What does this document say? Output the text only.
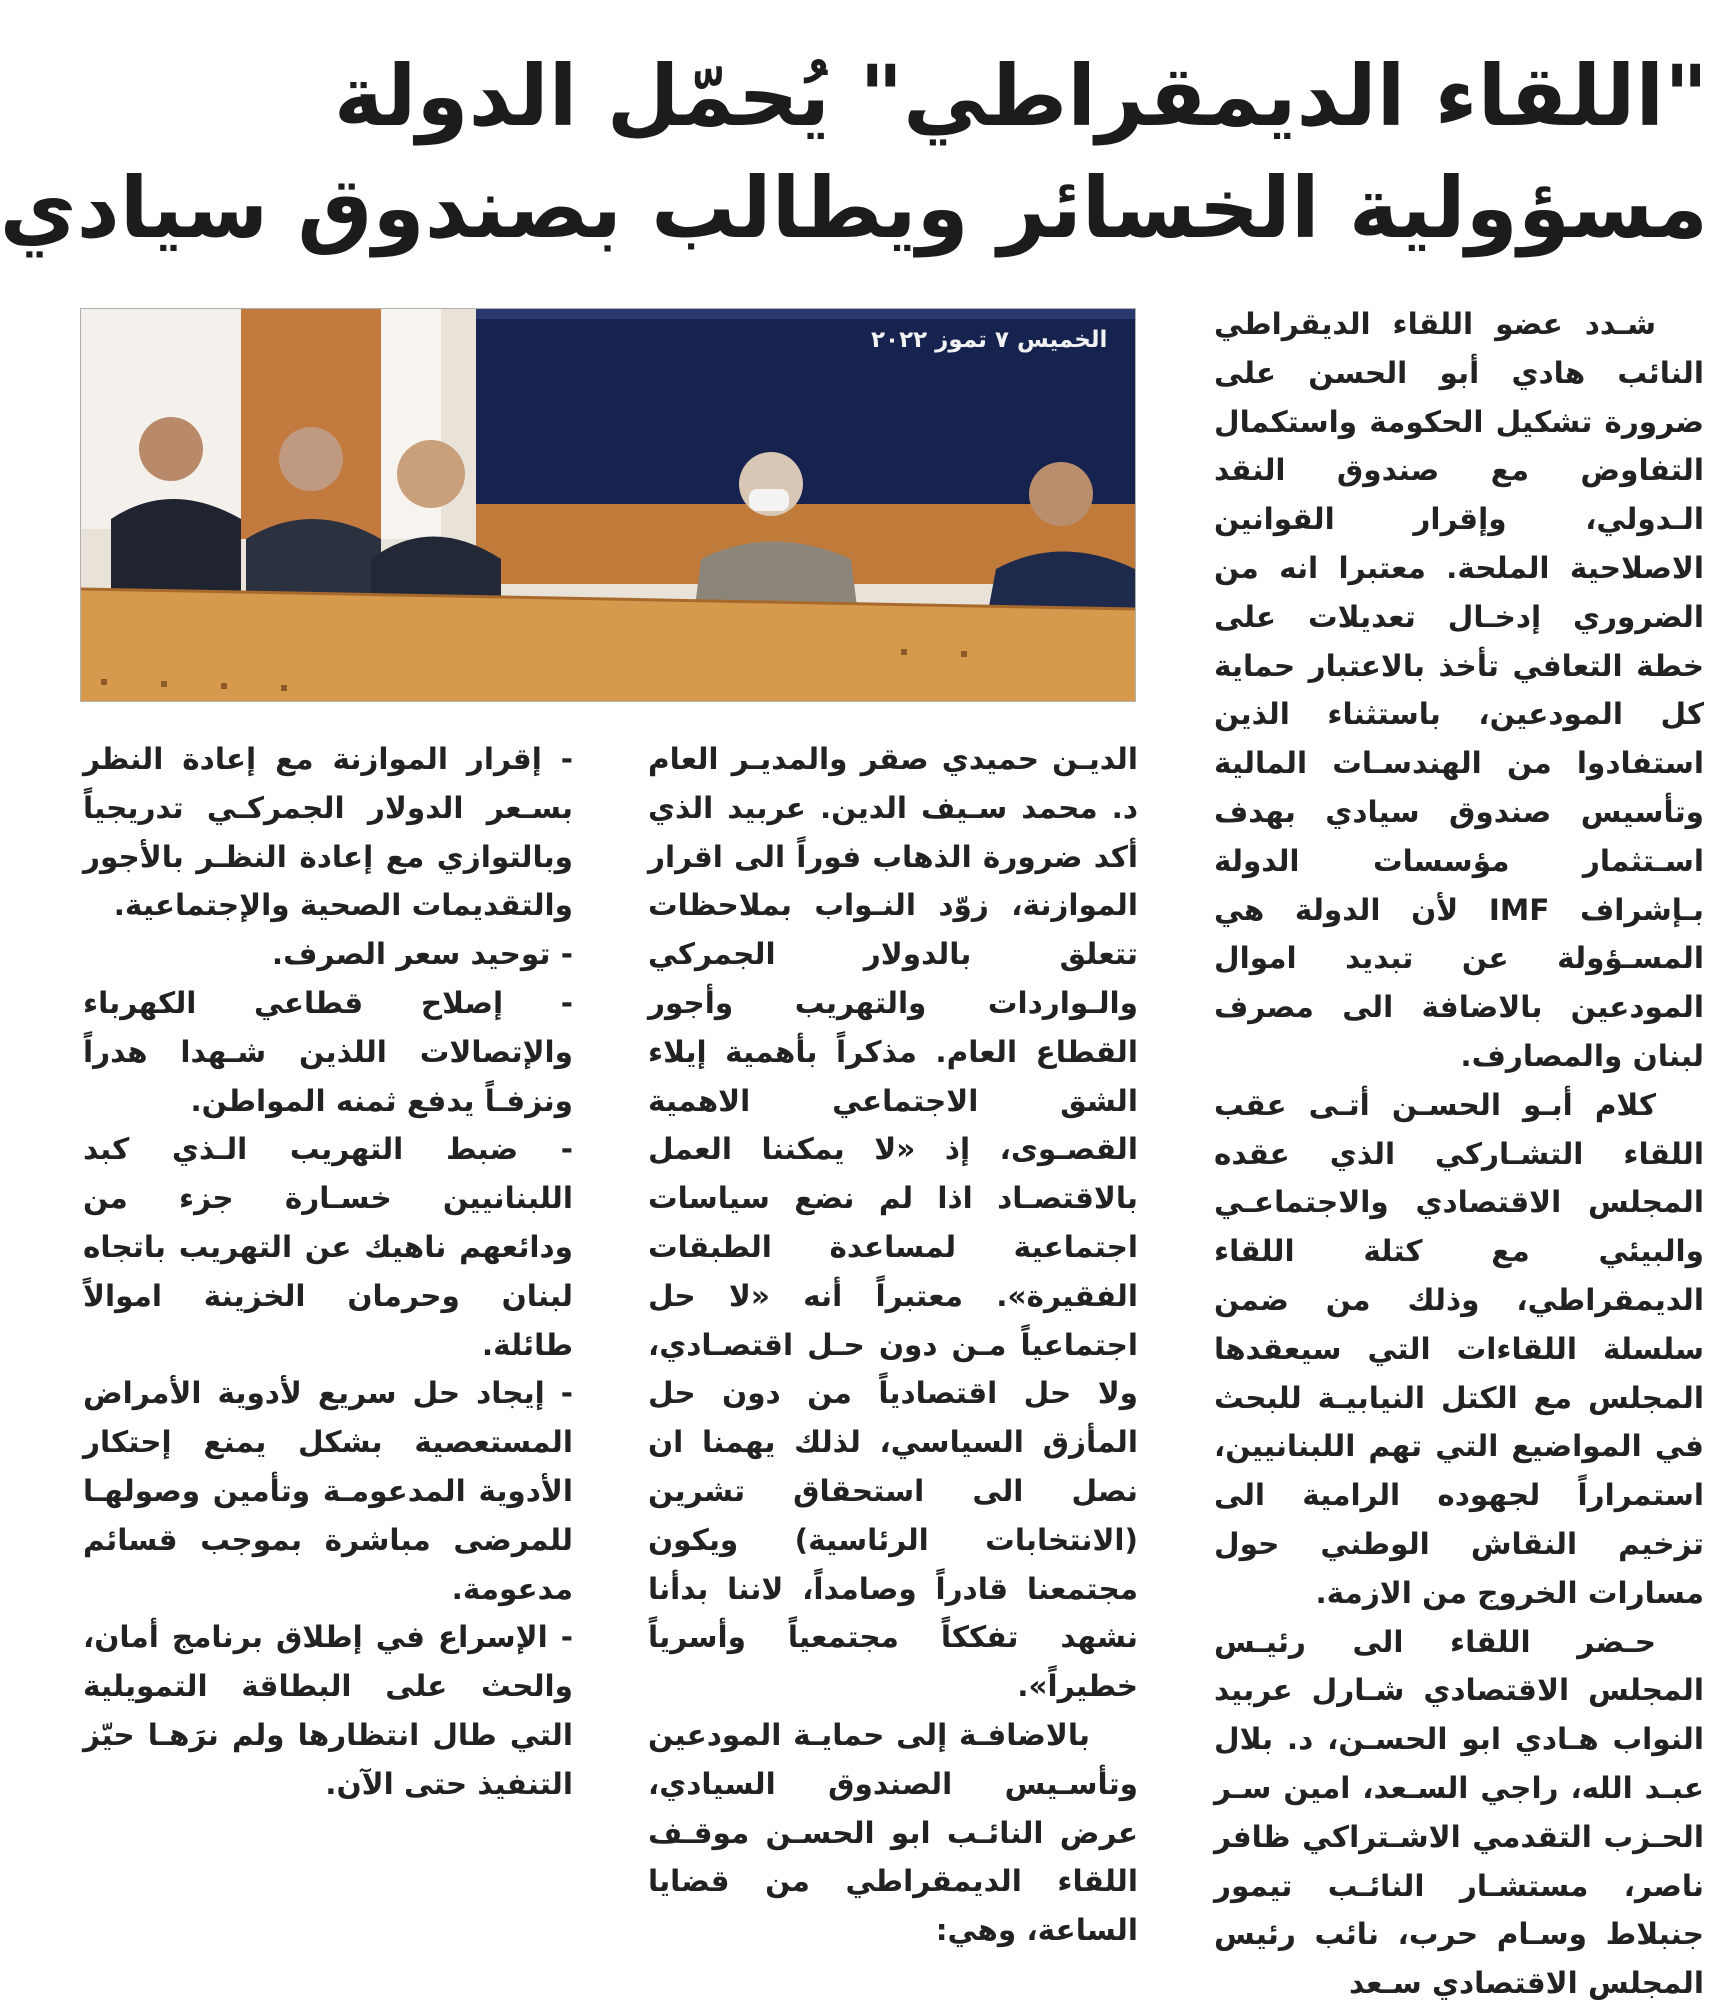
"اللقاء الديمقراطي" يُحمّل الدولة
مسؤولية الخسائر ويطالب بصندوق سيادي
الخميس ٧ تموز ٢٠٢٢	شـدد عضو اللقاء الديقراطي النائب هادي أبو الحسن على ضرورة تشكيل الحكومة واستكمال التفاوض مع صندوق النقد الـدولي، وإقرار القوانين الاصلاحية الملحة. معتبرا انه من الضروري إدخـال تعديلات على خطة التعافي تأخذ بالاعتبار حماية كل المودعين، باستثناء الذين استفادوا من الهندسـات المالية وتأسيس صندوق سيادي بهدف اسـتثمار مؤسسات الدولة بـإشراف IMF لأن الدولة هي المسـؤولة عن تبديد اموال المودعين بالاضافة الى مصرف لبنان والمصارف.

كلام أبـو الحسـن أتـى عقب اللقاء التشـاركي الذي عقده المجلس الاقتصادي والاجتماعـي والبيئي مع كتلة اللقاء الديمقراطي، وذلك من ضمن سلسلة اللقاءات التي سيعقدها المجلس مع الكتل النيابيـة للبحث في المواضيع التي تهم اللبنانيين، استمراراً لجهوده الرامية الى تزخيم النقاش الوطني حول مسارات الخروج من الازمة.

حـضر اللقاء الى رئيـس المجلس الاقتصادي شـارل عربيد النواب هـادي ابو الحسـن، د. بلال عبـد الله، راجي السـعد، امين سـر الحـزب التقدمي الاشـتراكي ظافر ناصر، مستشـار النائـب تيمور جنبلاط وسـام حرب، نائب رئيس المجلس الاقتصادي سـعد

الديـن حميدي صقر والمديـر العام د. محمد سـيف الدين. عربيد الذي أكد ضرورة الذهاب فوراً الى اقرار الموازنة، زوّد النـواب بملاحظات تتعلق بالدولار الجمركي والـواردات والتهريب وأجور القطاع العام. مذكراً بأهمية إيلاء الشق الاجتماعي الاهمية القصـوى، إذ «لا يمكننا العمل بالاقتصـاد اذا لم نضع سياسات اجتماعية لمساعدة الطبقات الفقيرة». معتبراً أنه «لا حل اجتماعياً مـن دون حـل اقتصـادي، ولا حل اقتصادياً من دون حل المأزق السياسي، لذلك يهمنا ان نصل الى استحقاق تشرين (الانتخابات الرئاسية) ويكون مجتمعنا قادراً وصامداً، لاننا بدأنا نشهد تفككاً مجتمعياً وأسرياً خطيراً».

بالاضافـة إلى حمايـة المودعين وتأسـيس الصندوق السيادي، عرض النائـب ابو الحسـن موقـف اللقاء الديمقراطي من قضايا الساعة، وهي:

- إقرار الموازنة مع إعادة النظر بسـعر الدولار الجمركـي تدريجياً وبالتوازي مع إعادة النظـر بالأجور والتقديمات الصحية والإجتماعية.

- توحيد سعر الصرف.

- إصلاح قطاعي الكهرباء والإتصالات اللذين شـهدا هدراً ونزفـاً يدفع ثمنه المواطن.

- ضبط التهريب الـذي كبد اللبنانيين خسـارة جزء من ودائعهم ناهيك عن التهريب باتجاه لبنان وحرمان الخزينة اموالاً طائلة.

- إيجاد حل سريع لأدوية الأمراض المستعصية بشكل يمنع إحتكار الأدوية المدعومـة وتأمين وصولهـا للمرضى مباشرة بموجب قسائم مدعومة.

- الإسراع في إطلاق برنامج أمان، والحث على البطاقة التمويلية التي طال انتظارها ولم نرَهـا حيّز التنفيذ حتى الآن.
